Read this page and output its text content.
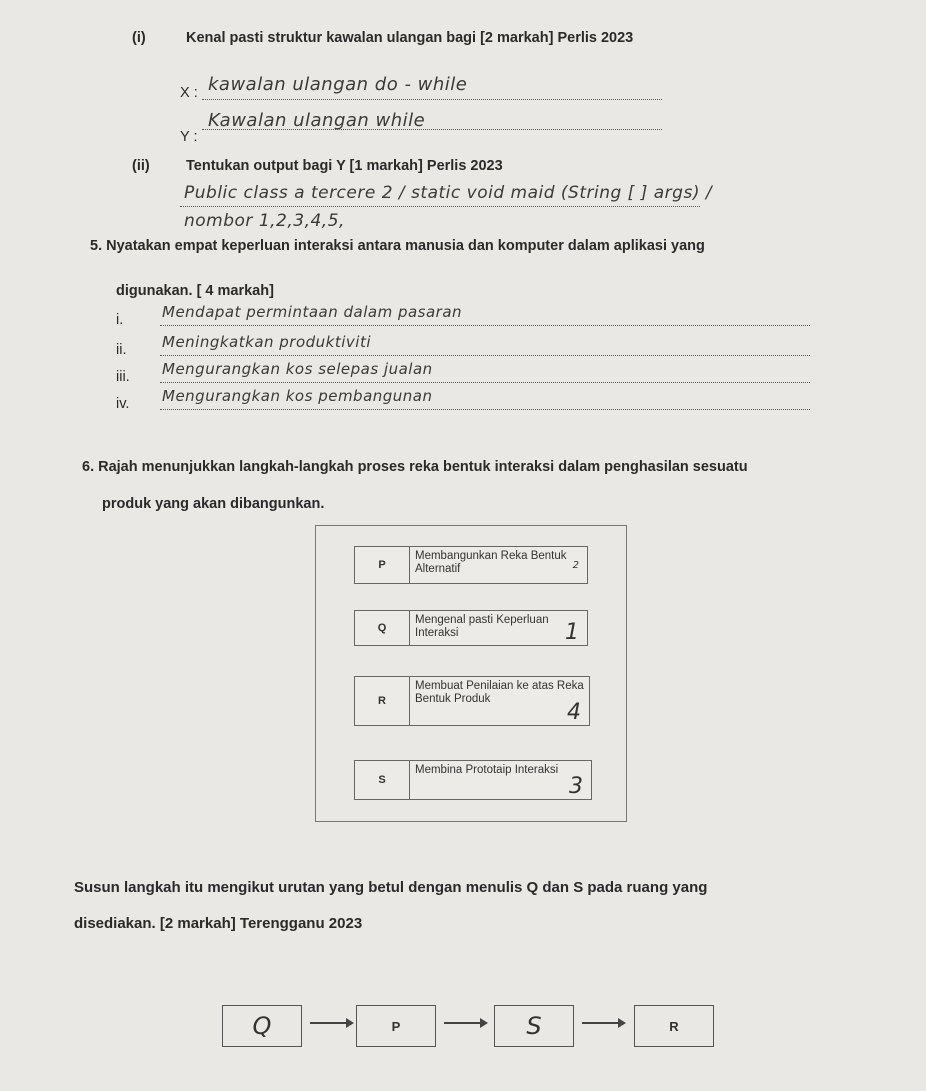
(i)	Kenal pasti struktur kawalan ulangan bagi [2 markah] Perlis 2023
X : kawalan ulangan do - while
Y :
Kawalan ulangan while
(ii)	Tentukan output bagi Y [1 markah] Perlis 2023
Public class a tercere 2 / static void maid (String [ ] args) /
nombor 1,2,3,4,5,
5. Nyatakan empat keperluan interaksi antara manusia dan komputer dalam aplikasi yang
digunakan. [ 4 markah]
i.	Mendapat permintaan dalam pasaran
ii. Meningkatkan produktiviti
iii. Mengurangkan kos selepas jualan
iv. Mengurangkan kos pembangunan
6. Rajah menunjukkan langkah-langkah proses reka bentuk interaksi dalam penghasilan sesuatu
produk yang akan dibangunkan.
P
Membangunkan Reka Bentuk Alternatif	2
Q
Mengenal pasti Keperluan Interaksi	1
R
Membuat Penilaian ke atas Reka Bentuk Produk
4
S
Membina Prototaip Interaksi
3
Susun langkah itu mengikut urutan yang betul dengan menulis Q dan S pada ruang yang
disediakan. [2 markah] Terengganu 2023
Q	P	S	R
